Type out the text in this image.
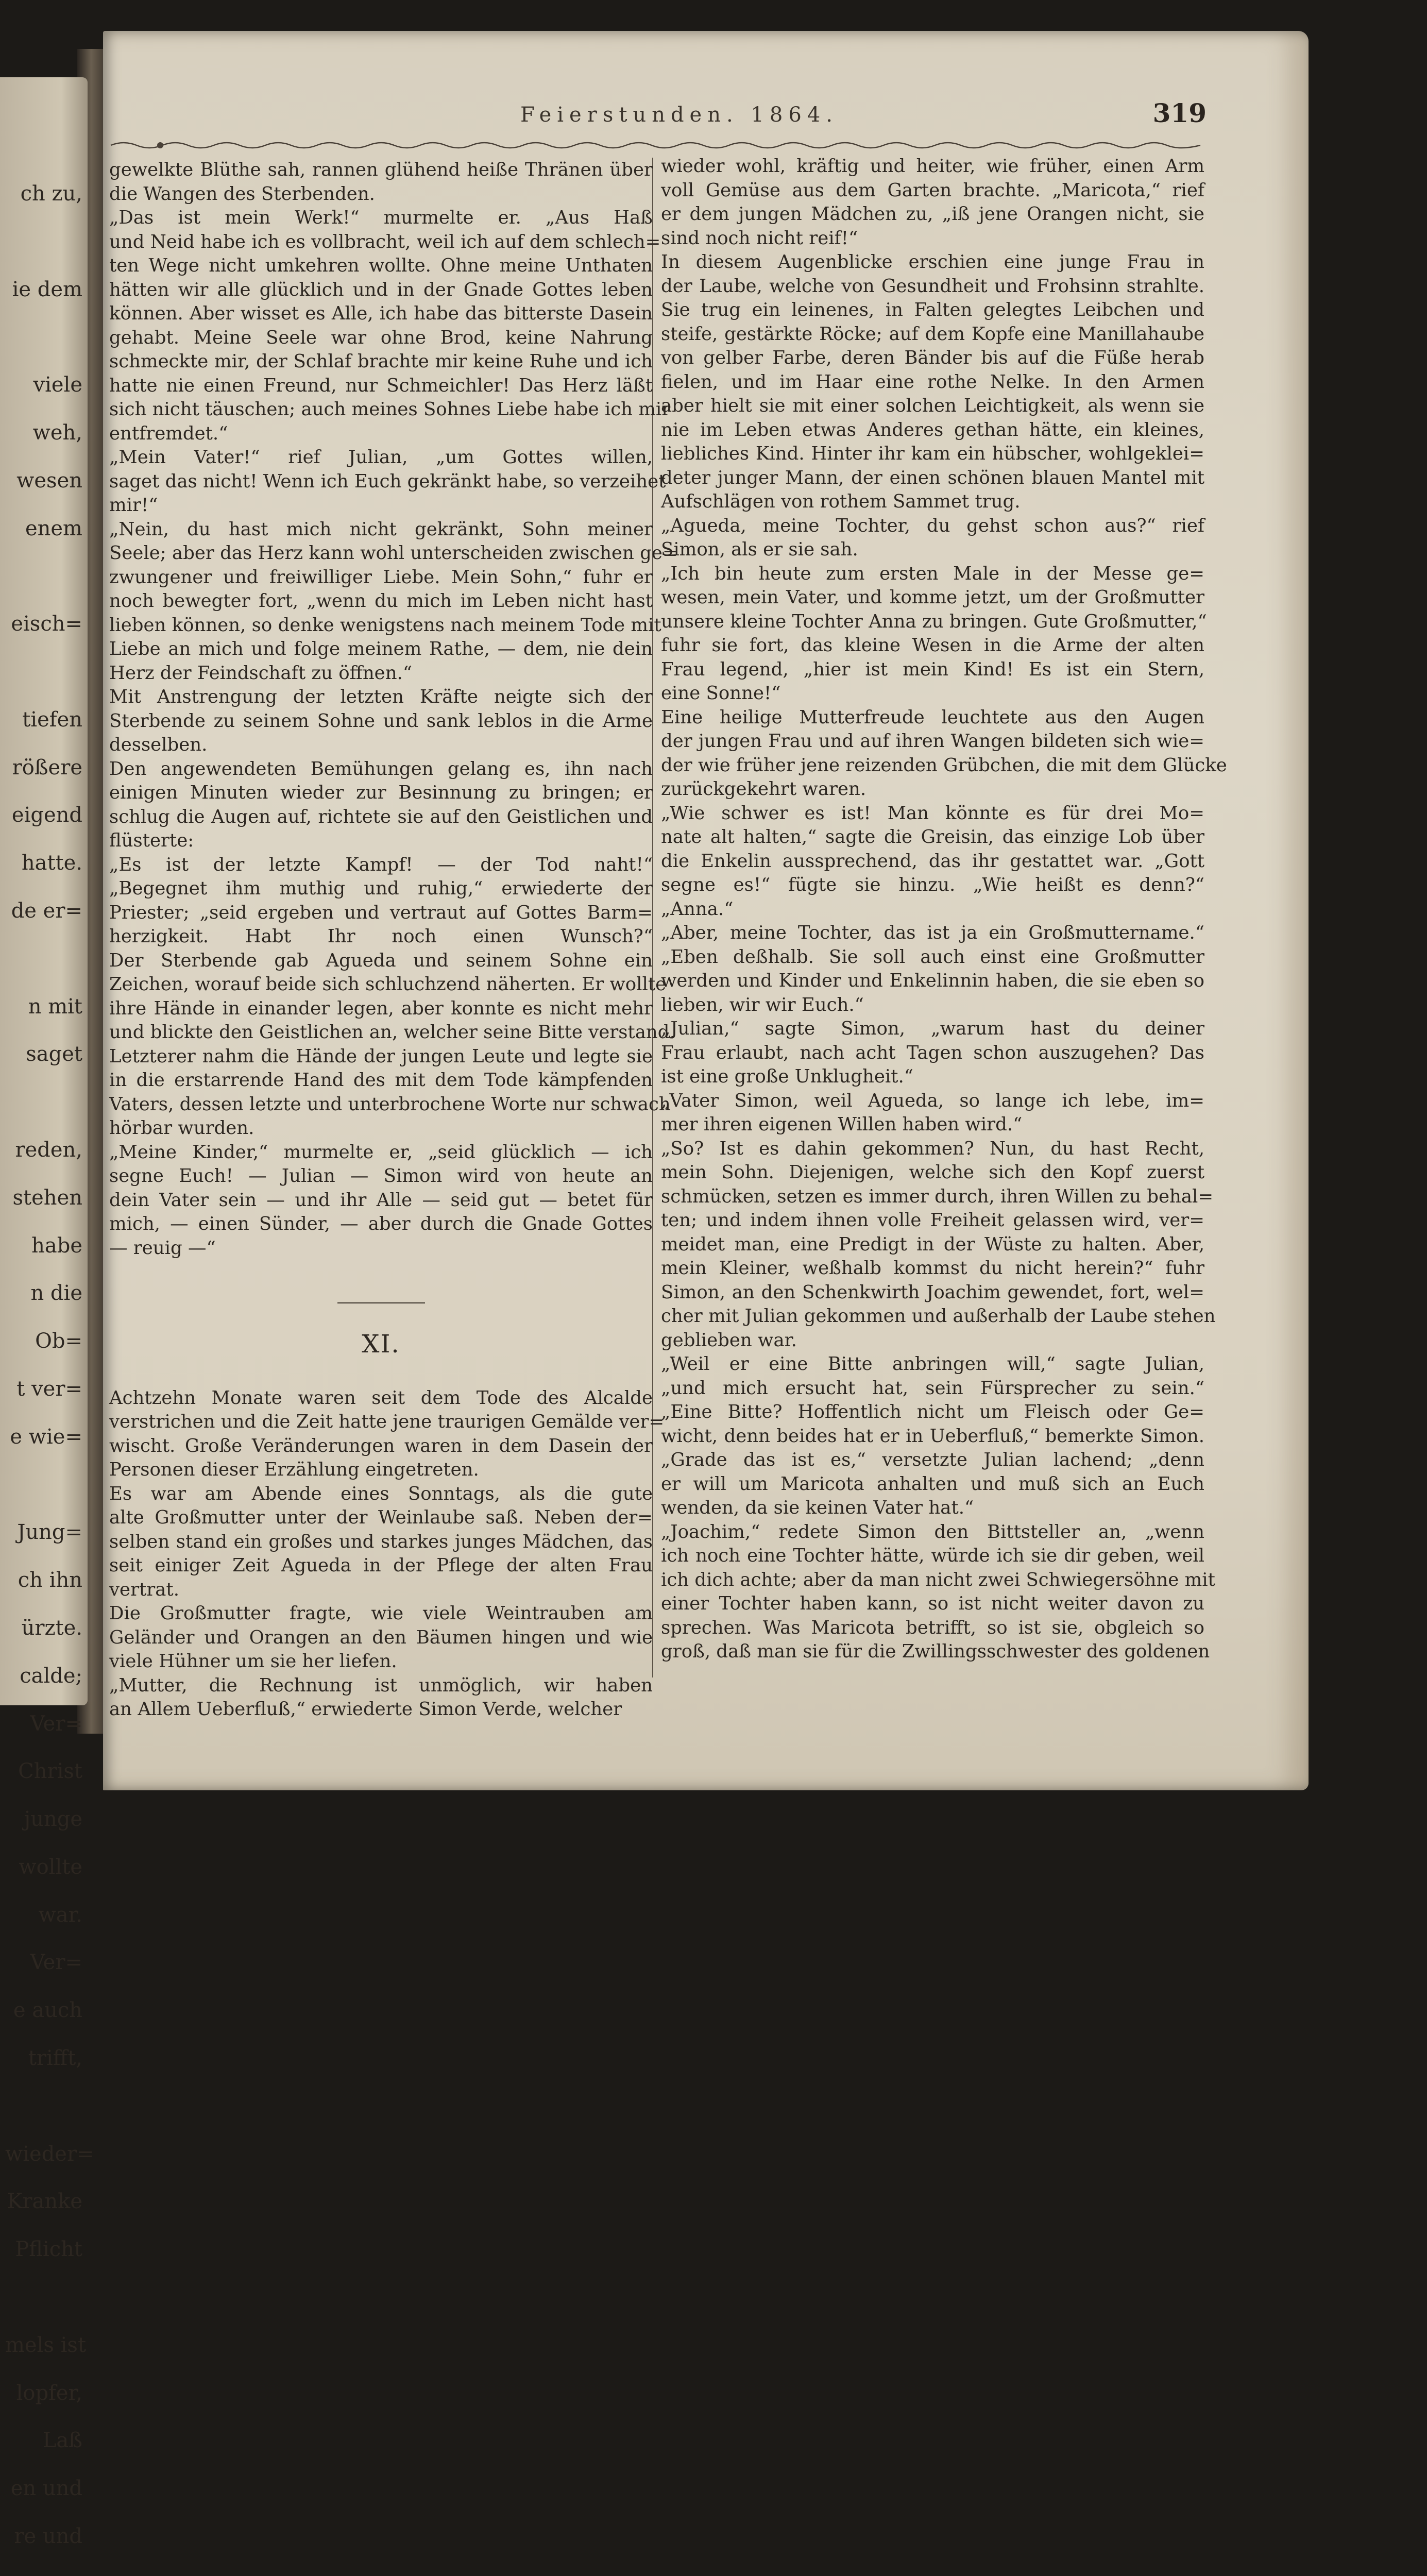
ch zu,
ie dem
viele
weh,
wesen
enem
eisch=
tiefen
rößere
eigend
hatte.
de er=
n mit
saget
reden,
stehen
habe
n die
Ob=
t ver=
e wie=
Jung=
ch ihn
ürzte.
calde;
Ver=
Christ
junge
wollte
war.
Ver=
e auch
trifft,
wieder=
Kranke
Pflicht
mels ist
lopfer,
Laß
en und
re und
Feierstunden. 1864.	319
gewelkte Blüthe sah, rannen glühend heiße Thränen über
die Wangen des Sterbenden.
„Das ist mein Werk!“ murmelte er. „Aus Haß
und Neid habe ich es vollbracht, weil ich auf dem schlech=
ten Wege nicht umkehren wollte. Ohne meine Unthaten
hätten wir alle glücklich und in der Gnade Gottes leben
können. Aber wisset es Alle, ich habe das bitterste Dasein
gehabt. Meine Seele war ohne Brod, keine Nahrung
schmeckte mir, der Schlaf brachte mir keine Ruhe und ich
hatte nie einen Freund, nur Schmeichler! Das Herz läßt
sich nicht täuschen; auch meines Sohnes Liebe habe ich mir
entfremdet.“
„Mein Vater!“ rief Julian, „um Gottes willen,
saget das nicht! Wenn ich Euch gekränkt habe, so verzeihet
mir!“
„Nein, du hast mich nicht gekränkt, Sohn meiner
Seele; aber das Herz kann wohl unterscheiden zwischen ge=
zwungener und freiwilliger Liebe. Mein Sohn,“ fuhr er
noch bewegter fort, „wenn du mich im Leben nicht hast
lieben können, so denke wenigstens nach meinem Tode mit
Liebe an mich und folge meinem Rathe, — dem, nie dein
Herz der Feindschaft zu öffnen.“
Mit Anstrengung der letzten Kräfte neigte sich der
Sterbende zu seinem Sohne und sank leblos in die Arme
desselben.
Den angewendeten Bemühungen gelang es, ihn nach
einigen Minuten wieder zur Besinnung zu bringen; er
schlug die Augen auf, richtete sie auf den Geistlichen und
flüsterte:
„Es ist der letzte Kampf! — der Tod naht!“
„Begegnet ihm muthig und ruhig,“ erwiederte der
Priester; „seid ergeben und vertraut auf Gottes Barm=
herzigkeit. Habt Ihr noch einen Wunsch?“
Der Sterbende gab Agueda und seinem Sohne ein
Zeichen, worauf beide sich schluchzend näherten. Er wollte
ihre Hände in einander legen, aber konnte es nicht mehr
und blickte den Geistlichen an, welcher seine Bitte verstand.
Letzterer nahm die Hände der jungen Leute und legte sie
in die erstarrende Hand des mit dem Tode kämpfenden
Vaters, dessen letzte und unterbrochene Worte nur schwach
hörbar wurden.
„Meine Kinder,“ murmelte er, „seid glücklich — ich
segne Euch! — Julian — Simon wird von heute an
dein Vater sein — und ihr Alle — seid gut — betet für
mich, — einen Sünder, — aber durch die Gnade Gottes
— reuig —“
XI.
Achtzehn Monate waren seit dem Tode des Alcalde
verstrichen und die Zeit hatte jene traurigen Gemälde ver=
wischt. Große Veränderungen waren in dem Dasein der
Personen dieser Erzählung eingetreten.
Es war am Abende eines Sonntags, als die gute
alte Großmutter unter der Weinlaube saß. Neben der=
selben stand ein großes und starkes junges Mädchen, das
seit einiger Zeit Agueda in der Pflege der alten Frau
vertrat.
Die Großmutter fragte, wie viele Weintrauben am
Geländer und Orangen an den Bäumen hingen und wie
viele Hühner um sie her liefen.
„Mutter, die Rechnung ist unmöglich, wir haben
an Allem Ueberfluß,“ erwiederte Simon Verde, welcher
wieder wohl, kräftig und heiter, wie früher, einen Arm
voll Gemüse aus dem Garten brachte. „Maricota,“ rief
er dem jungen Mädchen zu, „iß jene Orangen nicht, sie
sind noch nicht reif!“
In diesem Augenblicke erschien eine junge Frau in
der Laube, welche von Gesundheit und Frohsinn strahlte.
Sie trug ein leinenes, in Falten gelegtes Leibchen und
steife, gestärkte Röcke; auf dem Kopfe eine Manillahaube
von gelber Farbe, deren Bänder bis auf die Füße herab
fielen, und im Haar eine rothe Nelke. In den Armen
aber hielt sie mit einer solchen Leichtigkeit, als wenn sie
nie im Leben etwas Anderes gethan hätte, ein kleines,
liebliches Kind. Hinter ihr kam ein hübscher, wohlgeklei=
deter junger Mann, der einen schönen blauen Mantel mit
Aufschlägen von rothem Sammet trug.
„Agueda, meine Tochter, du gehst schon aus?“ rief
Simon, als er sie sah.
„Ich bin heute zum ersten Male in der Messe ge=
wesen, mein Vater, und komme jetzt, um der Großmutter
unsere kleine Tochter Anna zu bringen. Gute Großmutter,“
fuhr sie fort, das kleine Wesen in die Arme der alten
Frau legend, „hier ist mein Kind! Es ist ein Stern,
eine Sonne!“
Eine heilige Mutterfreude leuchtete aus den Augen
der jungen Frau und auf ihren Wangen bildeten sich wie=
der wie früher jene reizenden Grübchen, die mit dem Glücke
zurückgekehrt waren.
„Wie schwer es ist! Man könnte es für drei Mo=
nate alt halten,“ sagte die Greisin, das einzige Lob über
die Enkelin aussprechend, das ihr gestattet war. „Gott
segne es!“ fügte sie hinzu. „Wie heißt es denn?“
„Anna.“
„Aber, meine Tochter, das ist ja ein Großmuttername.“
„Eben deßhalb. Sie soll auch einst eine Großmutter
werden und Kinder und Enkelinnin haben, die sie eben so
lieben, wir wir Euch.“
„Julian,“ sagte Simon, „warum hast du deiner
Frau erlaubt, nach acht Tagen schon auszugehen? Das
ist eine große Unklugheit.“
„Vater Simon, weil Agueda, so lange ich lebe, im=
mer ihren eigenen Willen haben wird.“
„So? Ist es dahin gekommen? Nun, du hast Recht,
mein Sohn. Diejenigen, welche sich den Kopf zuerst
schmücken, setzen es immer durch, ihren Willen zu behal=
ten; und indem ihnen volle Freiheit gelassen wird, ver=
meidet man, eine Predigt in der Wüste zu halten. Aber,
mein Kleiner, weßhalb kommst du nicht herein?“ fuhr
Simon, an den Schenkwirth Joachim gewendet, fort, wel=
cher mit Julian gekommen und außerhalb der Laube stehen
geblieben war.
„Weil er eine Bitte anbringen will,“ sagte Julian,
„und mich ersucht hat, sein Fürsprecher zu sein.“
„Eine Bitte? Hoffentlich nicht um Fleisch oder Ge=
wicht, denn beides hat er in Ueberfluß,“ bemerkte Simon.
„Grade das ist es,“ versetzte Julian lachend; „denn
er will um Maricota anhalten und muß sich an Euch
wenden, da sie keinen Vater hat.“
„Joachim,“ redete Simon den Bittsteller an, „wenn
ich noch eine Tochter hätte, würde ich sie dir geben, weil
ich dich achte; aber da man nicht zwei Schwiegersöhne mit
einer Tochter haben kann, so ist nicht weiter davon zu
sprechen. Was Maricota betrifft, so ist sie, obgleich so
groß, daß man sie für die Zwillingsschwester des goldenen
